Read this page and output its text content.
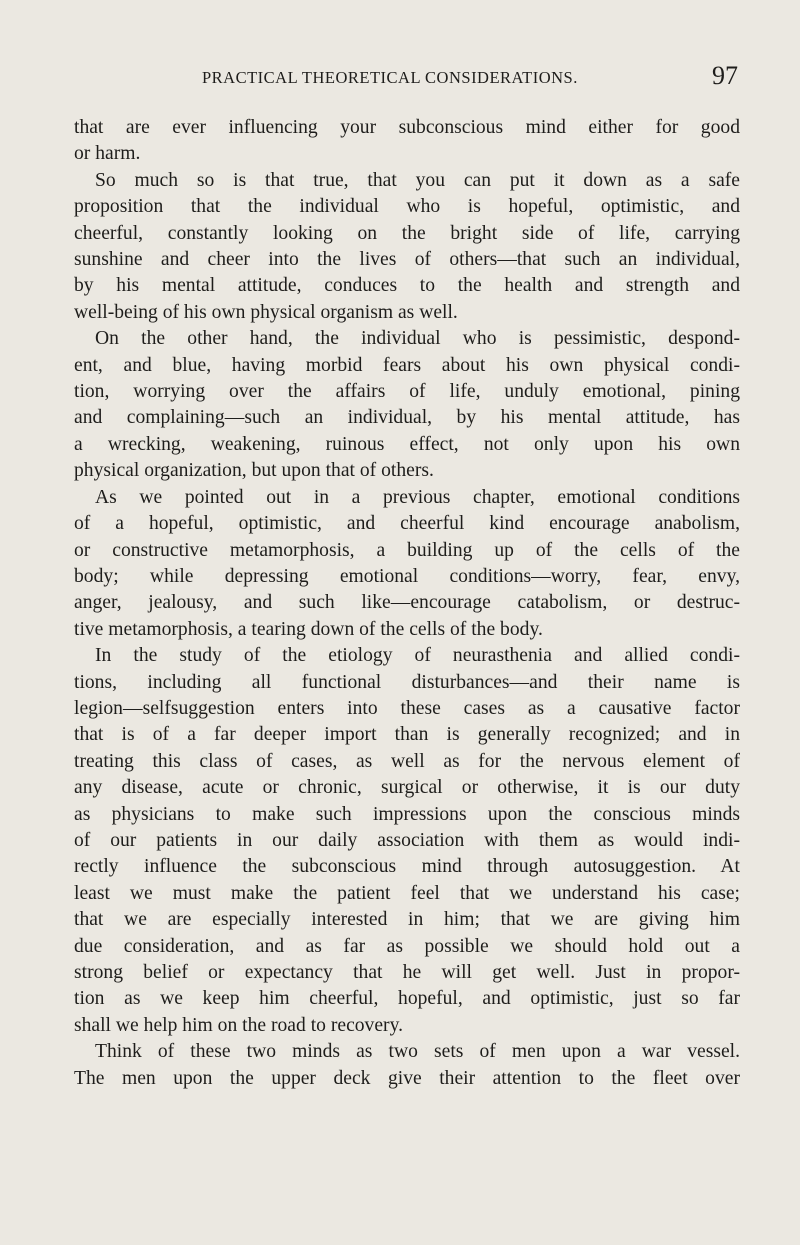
PRACTICAL THEORETICAL CONSIDERATIONS.	97
that are ever influencing your subconscious mind either for good
or harm.
So much so is that true, that you can put it down as a safe
proposition that the individual who is hopeful, optimistic, and
cheerful, constantly looking on the bright side of life, carrying
sunshine and cheer into the lives of others—that such an individual,
by his mental attitude, conduces to the health and strength and
well-being of his own physical organism as well.
On the other hand, the individual who is pessimistic, despond-
ent, and blue, having morbid fears about his own physical condi-
tion, worrying over the affairs of life, unduly emotional, pining
and complaining—such an individual, by his mental attitude, has
a wrecking, weakening, ruinous effect, not only upon his own
physical organization, but upon that of others.
As we pointed out in a previous chapter, emotional conditions
of a hopeful, optimistic, and cheerful kind encourage anabolism,
or constructive metamorphosis, a building up of the cells of the
body; while depressing emotional conditions—worry, fear, envy,
anger, jealousy, and such like—encourage catabolism, or destruc-
tive metamorphosis, a tearing down of the cells of the body.
In the study of the etiology of neurasthenia and allied condi-
tions, including all functional disturbances—and their name is
legion—selfsuggestion enters into these cases as a causative factor
that is of a far deeper import than is generally recognized; and in
treating this class of cases, as well as for the nervous element of
any disease, acute or chronic, surgical or otherwise, it is our duty
as physicians to make such impressions upon the conscious minds
of our patients in our daily association with them as would indi-
rectly influence the subconscious mind through autosuggestion. At
least we must make the patient feel that we understand his case;
that we are especially interested in him; that we are giving him
due consideration, and as far as possible we should hold out a
strong belief or expectancy that he will get well. Just in propor-
tion as we keep him cheerful, hopeful, and optimistic, just so far
shall we help him on the road to recovery.
Think of these two minds as two sets of men upon a war vessel.
The men upon the upper deck give their attention to the fleet over
